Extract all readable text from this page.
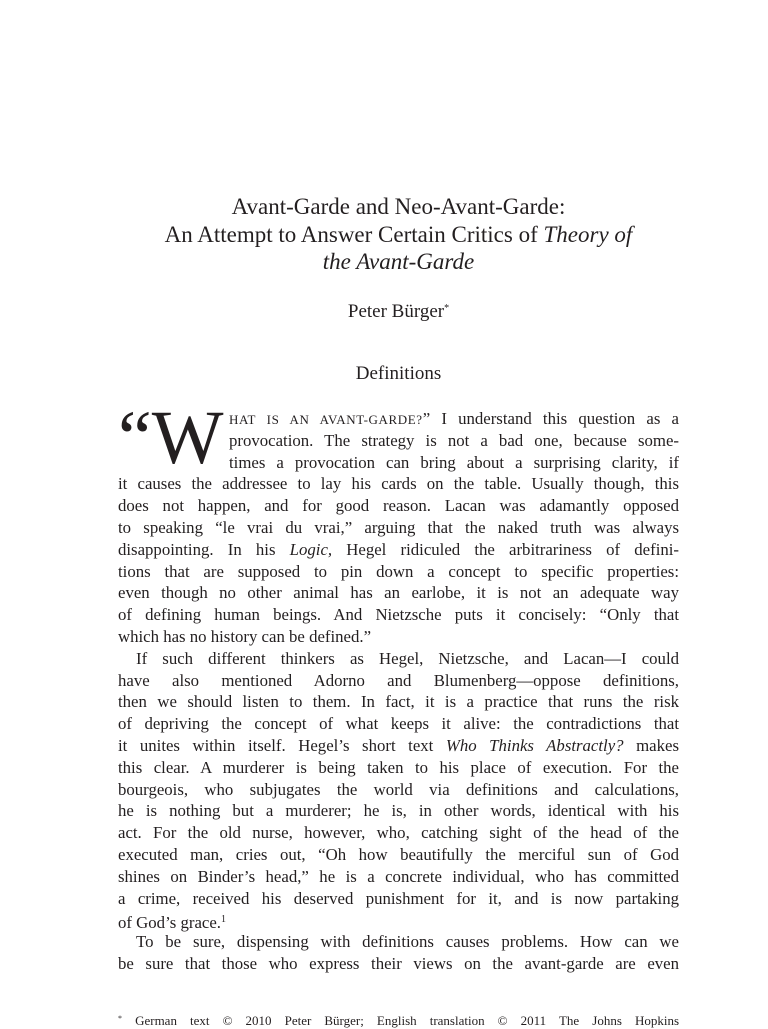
Avant-Garde and Neo-Avant-Garde:
An Attempt to Answer Certain Critics of Theory of
the Avant-Garde
Peter Bürger*
Definitions
“W HAT IS AN AVANT-GARDE?” I understand this question as a
provocation. The strategy is not a bad one, because some-
times a provocation can bring about a surprising clarity, if
it causes the addressee to lay his cards on the table. Usually though, this
does not happen, and for good reason. Lacan was adamantly opposed
to speaking “le vrai du vrai,” arguing that the naked truth was always
disappointing. In his Logic, Hegel ridiculed the arbitrariness of defini-
tions that are supposed to pin down a concept to specific properties:
even though no other animal has an earlobe, it is not an adequate way
of defining human beings. And Nietzsche puts it concisely: “Only that
which has no history can be defined.”
If such different thinkers as Hegel, Nietzsche, and Lacan—I could
have also mentioned Adorno and Blumenberg—oppose definitions,
then we should listen to them. In fact, it is a practice that runs the risk
of depriving the concept of what keeps it alive: the contradictions that
it unites within itself. Hegel’s short text Who Thinks Abstractly? makes
this clear. A murderer is being taken to his place of execution. For the
bourgeois, who subjugates the world via definitions and calculations,
he is nothing but a murderer; he is, in other words, identical with his
act. For the old nurse, however, who, catching sight of the head of the
executed man, cries out, “Oh how beautifully the merciful sun of God
shines on Binder’s head,” he is a concrete individual, who has committed
a crime, received his deserved punishment for it, and is now partaking
of God’s grace.$^1$
To be sure, dispensing with definitions causes problems. How can we
be sure that those who express their views on the avant-garde are even
* German text © 2010 Peter Bürger; English translation © 2011 The Johns Hopkins
